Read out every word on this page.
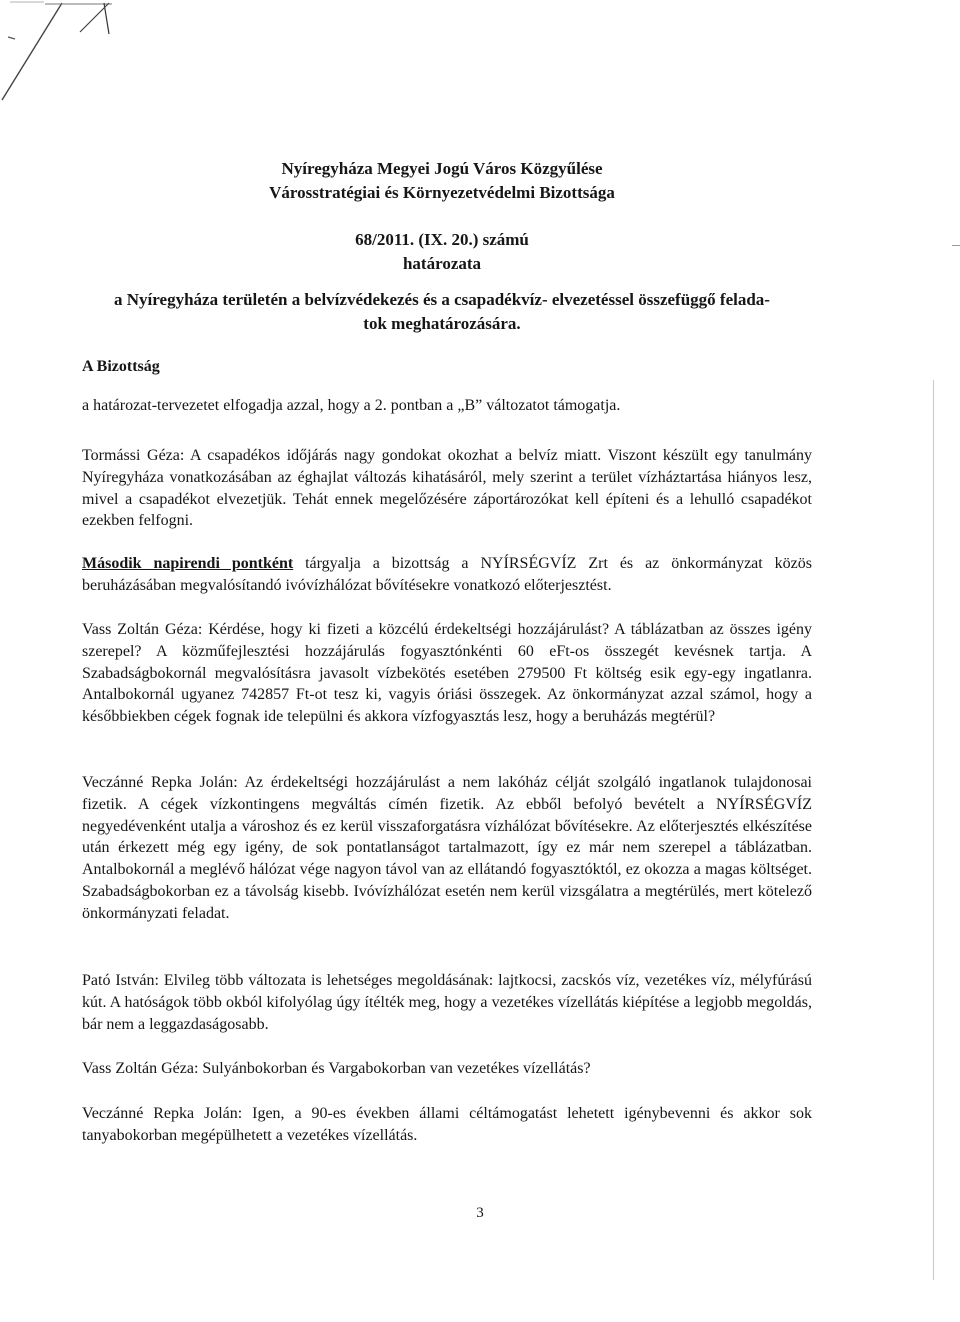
Nyíregyháza Megyei Jogú Város Közgyűlése
Városstratégiai és Környezetvédelmi Bizottsága
68/2011. (IX. 20.) számú
határozata
a Nyíregyháza területén a belvízvédekezés és a csapadékvíz- elvezetéssel összefüggő felada-
tok meghatározására.
A Bizottság
a határozat-tervezetet elfogadja azzal, hogy a 2. pontban a „B” változatot támogatja.
Tormássi Géza: A csapadékos időjárás nagy gondokat okozhat a belvíz miatt. Viszont készült egy tanulmány Nyíregyháza vonatkozásában az éghajlat változás kihatásáról, mely szerint a terület vízháztartása hiányos lesz, mivel a csapadékot elvezetjük. Tehát ennek megelőzésére záportározókat kell építeni és a lehulló csapadékot ezekben felfogni.
Második napirendi pontként tárgyalja a bizottság a NYÍRSÉGVÍZ Zrt és az önkormányzat közös beruházásában megvalósítandó ivóvízhálózat bővítésekre vonatkozó előterjesztést.
Vass Zoltán Géza: Kérdése, hogy ki fizeti a közcélú érdekeltségi hozzájárulást? A táblázatban az összes igény szerepel? A közműfejlesztési hozzájárulás fogyasztónkénti 60 eFt-os összegét kevésnek tartja. A Szabadságbokornál megvalósításra javasolt vízbekötés esetében 279500 Ft költség esik egy-egy ingatlanra. Antalbokornál ugyanez 742857 Ft-ot tesz ki, vagyis óriási összegek. Az önkormányzat azzal számol, hogy a későbbiekben cégek fognak ide települni és akkora vízfogyasztás lesz, hogy a beruházás megtérül?
Veczánné Repka Jolán: Az érdekeltségi hozzájárulást a nem lakóház célját szolgáló ingatlanok tulajdonosai fizetik. A cégek vízkontingens megváltás címén fizetik. Az ebből befolyó bevételt a NYÍRSÉGVÍZ negyedévenként utalja a városhoz és ez kerül visszaforgatásra vízhálózat bővítésekre. Az előterjesztés elkészítése után érkezett még egy igény, de sok pontatlanságot tartalmazott, így ez már nem szerepel a táblázatban. Antalbokornál a meglévő hálózat vége nagyon távol van az ellátandó fogyasztóktól, ez okozza a magas költséget. Szabadságbokorban ez a távolság kisebb. Ivóvízhálózat esetén nem kerül vizsgálatra a megtérülés, mert kötelező önkormányzati feladat.
Pató István: Elvileg több változata is lehetséges megoldásának: lajtkocsi, zacskós víz, vezetékes víz, mélyfúrású kút. A hatóságok több okból kifolyólag úgy ítélték meg, hogy a vezetékes vízellátás kiépítése a legjobb megoldás, bár nem a leggazdaságosabb.
Vass Zoltán Géza: Sulyánbokorban és Vargabokorban van vezetékes vízellátás?
Veczánné Repka Jolán: Igen, a 90-es években állami céltámogatást lehetett igénybevenni és akkor sok tanyabokorban megépülhetett a vezetékes vízellátás.
3
